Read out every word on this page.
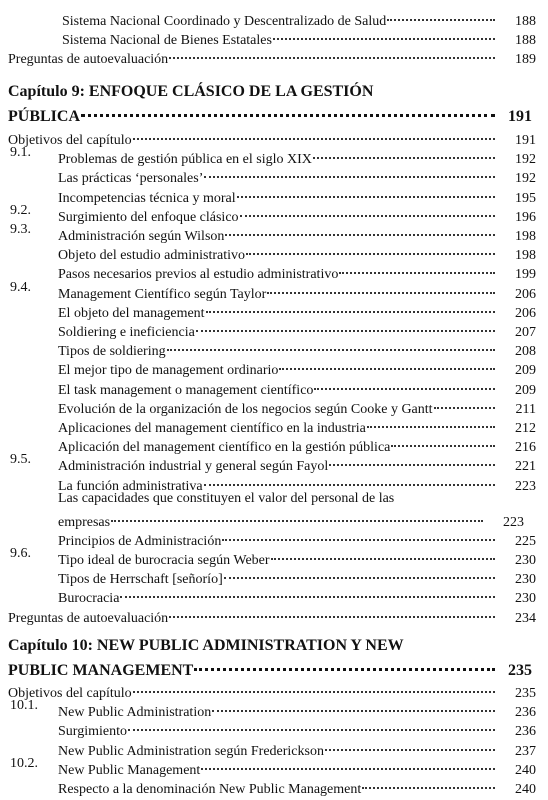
Sistema Nacional Coordinado y Descentralizado de Salud	188
Sistema Nacional de Bienes Estatales	188
Preguntas de autoevaluación	189
Capítulo 9: ENFOQUE CLÁSICO DE LA GESTIÓN
PÚBLICA	191
Objetivos del capítulo	191
9.1. Problemas de gestión pública en el siglo XIX	192
Las prácticas ‘personales’	192
Incompetencias técnica y moral	195
9.2. Surgimiento del enfoque clásico	196
9.3. Administración según Wilson	198
Objeto del estudio administrativo	198
Pasos necesarios previos al estudio administrativo	199
9.4. Management Científico según Taylor	206
El objeto del management	206
Soldiering e ineficiencia	207
Tipos de soldiering	208
El mejor tipo de management ordinario	209
El task management o management científico	209
Evolución de la organización de los negocios según Cooke y Gantt	211
Aplicaciones del management científico en la industria	212
Aplicación del management científico en la gestión pública	216
9.5. Administración industrial y general según Fayol	221
La función administrativa	223
Las capacidades que constituyen el valor del personal de las
empresas	223
Principios de Administración	225
9.6. Tipo ideal de burocracia según Weber	230
Tipos de Herrschaft [señorío]	230
Burocracia	230
Preguntas de autoevaluación	234
Capítulo 10: NEW PUBLIC ADMINISTRATION Y NEW
PUBLIC MANAGEMENT	235
Objetivos del capítulo	235
10.1. New Public Administration	236
Surgimiento	236
New Public Administration según Frederickson	237
10.2. New Public Management	240
Respecto a la denominación New Public Management	240
